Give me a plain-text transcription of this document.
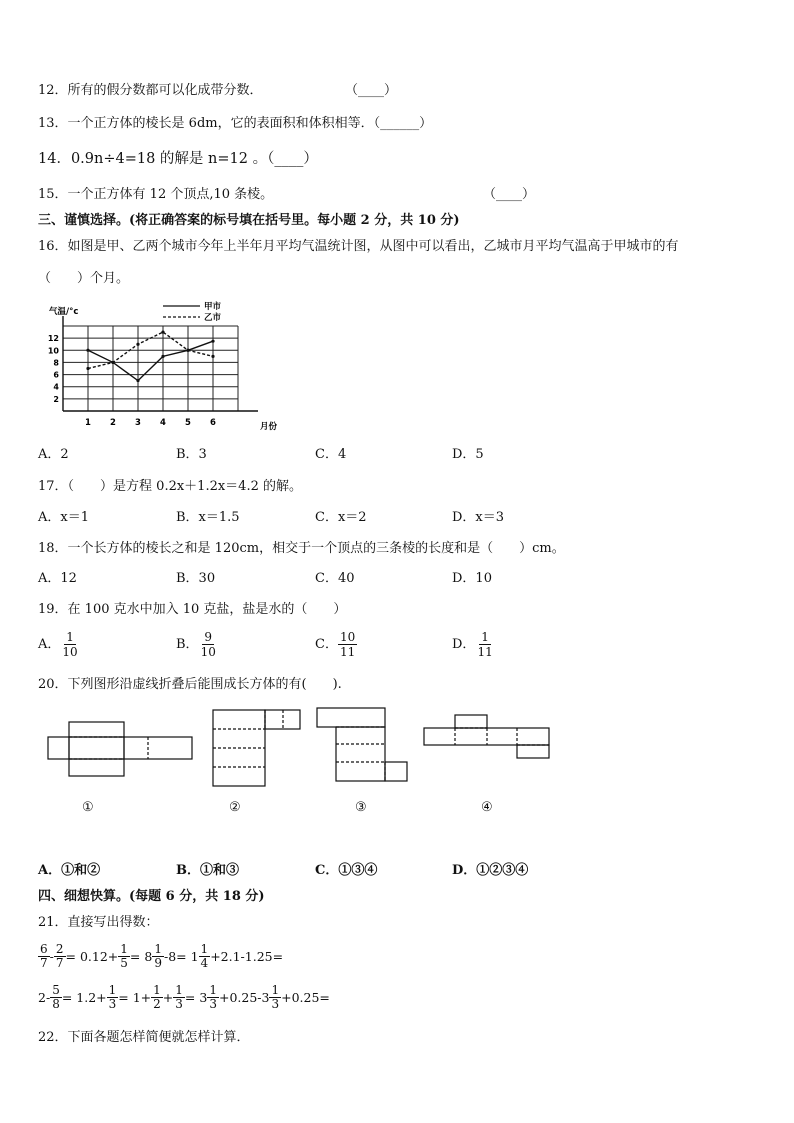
12．所有的假分数都可以化成带分数．	（____）
13．一个正方体的棱长是 6dm，它的表面积和体积相等．（______）
14．0.9n÷4=18 的解是 n=12 。（____）
15．一个正方体有 12 个顶点,10 条棱。	（____）
三、谨慎选择。(将正确答案的标号填在括号里。每小题 2 分，共 10 分)
16．如图是甲、乙两个城市今年上半年月平均气温统计图，从图中可以看出，乙城市月平均气温高于甲城市的有
（　　）个月。
2
4
6
8
10
12
1 2 3 4 5 6
气温/°c
月份
甲市
乙市
A．2	B．3	C．4	D．5
17．（　　）是方程 0.2x＋1.2x＝4.2 的解。
A．x＝1	B．x＝1.5	C．x＝2	D．x＝3
18．一个长方体的棱长之和是 120cm，相交于一个顶点的三条棱的长度和是（　　）cm。
A．12	B．30	C．40	D．10
19．在 100 克水中加入 10 克盐，盐是水的（　　）
A． $\frac{1}{10}$	B． $\frac{9}{10}$	C． $\frac{10}{11}$	D． $\frac{1}{11}$
20．下列图形沿虚线折叠后能围成长方体的有(　　).
①	②	③	④
A．①和②	B．①和③	C．①③④	D．①②③④
四、细想快算。(每题 6 分，共 18 分)
21．直接写出得数：
$\frac{6}{7} - \frac{2}{7} = 0.12+ \frac{1}{5} = 8 \frac{1}{9} -8= 1 \frac{1}{4} +2.1-1.25=$
$2- \frac{5}{8} = 1.2+ \frac{1}{3} = 1+ \frac{1}{2} + \frac{1}{3} = 3 \frac{1}{3} +0.25-3 \frac{1}{3} +0.25=$
22．下面各题怎样简便就怎样计算．
